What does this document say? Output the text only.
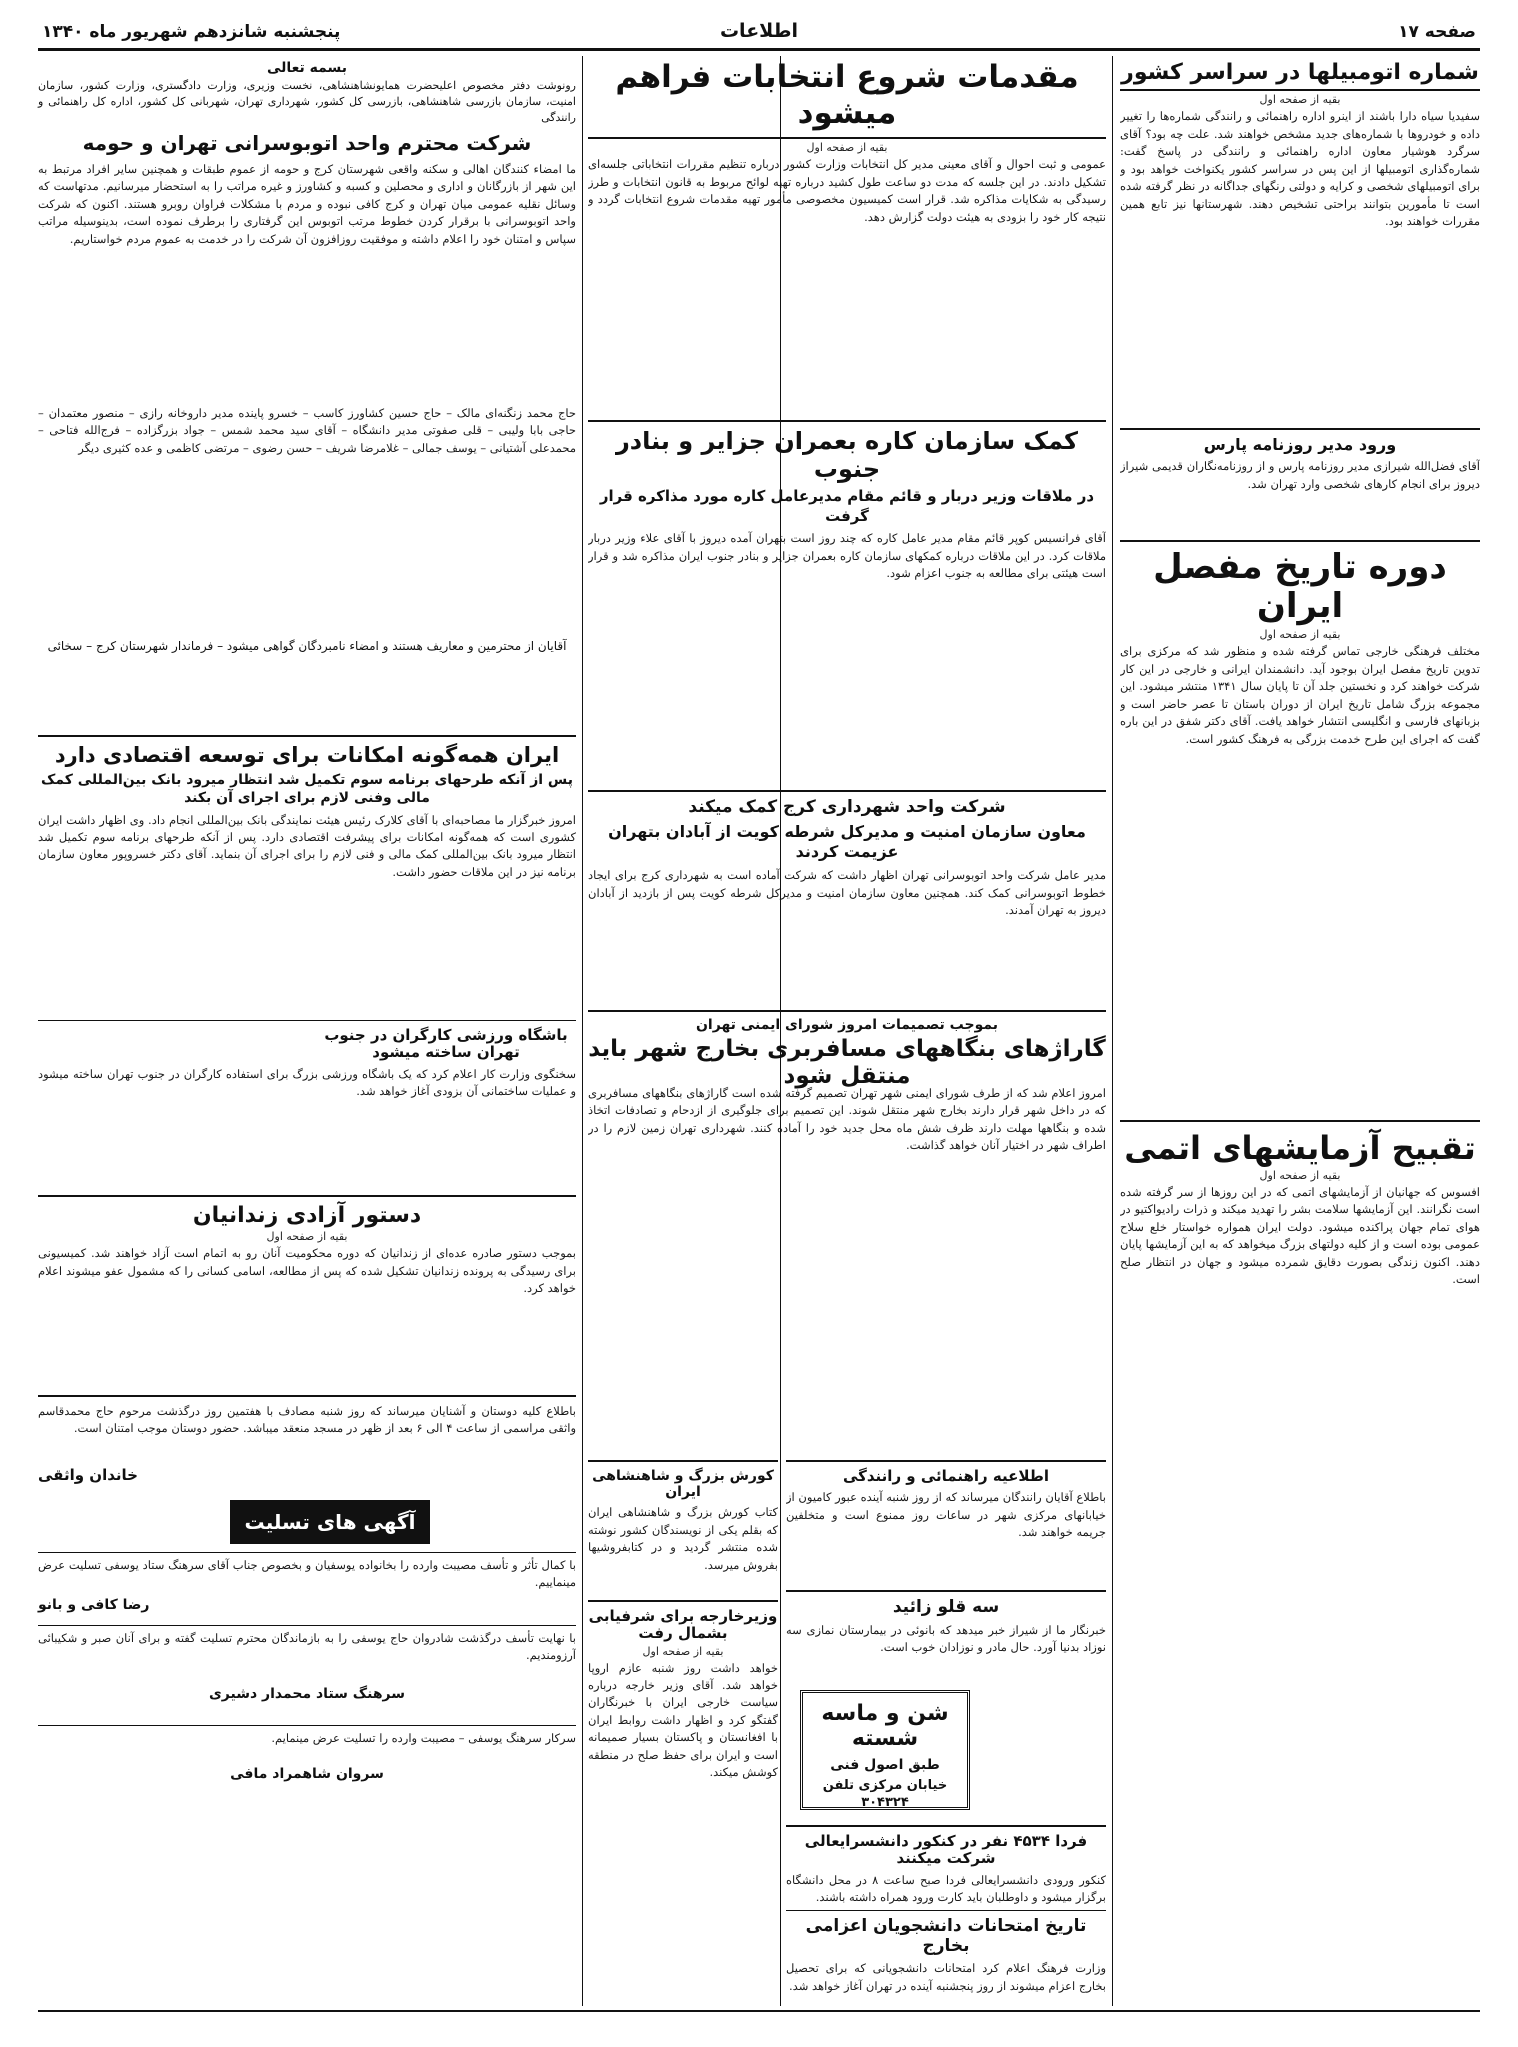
صفحه ۱۷
اطلاعات
پنجشنبه شانزدهم شهریور ماه ۱۳۴۰
شماره اتومبیلها در سراسر کشور
بقیه از صفحه اول
سفیدیا سیاه دارا باشند از اینرو اداره راهنمائی و رانندگی شماره‌ها را تغییر داده و خودروها با شماره‌های جدید مشخص خواهند شد. علت چه بود؟ آقای سرگرد هوشیار معاون اداره راهنمائی و رانندگی در پاسخ گفت: شماره‌گذاری اتومبیلها از این پس در سراسر کشور یکنواخت خواهد بود و برای اتومبیلهای شخصی و کرایه و دولتی رنگهای جداگانه در نظر گرفته شده است تا مأمورین بتوانند براحتی تشخیص دهند. شهرستانها نیز تابع همین مقررات خواهند بود.
ورود مدیر روزنامه پارس
آقای فضل‌الله شیرازی مدیر روزنامه پارس و از روزنامه‌نگاران قدیمی شیراز دیروز برای انجام کارهای شخصی وارد تهران شد.
دوره تاریخ مفصل ایران
بقیه از صفحه اول
مختلف فرهنگی خارجی تماس گرفته شده و منظور شد که مرکزی برای تدوین تاریخ مفصل ایران بوجود آید. دانشمندان ایرانی و خارجی در این کار شرکت خواهند کرد و نخستین جلد آن تا پایان سال ۱۳۴۱ منتشر میشود. این مجموعه بزرگ شامل تاریخ ایران از دوران باستان تا عصر حاضر است و بزبانهای فارسی و انگلیسی انتشار خواهد یافت. آقای دکتر شفق در این باره گفت که اجرای این طرح خدمت بزرگی به فرهنگ کشور است.
تقبیح آزمایشهای اتمی
بقیه از صفحه اول
افسوس که جهانیان از آزمایشهای اتمی که در این روزها از سر گرفته شده است نگرانند. این آزمایشها سلامت بشر را تهدید میکند و ذرات رادیواکتیو در هوای تمام جهان پراکنده میشود. دولت ایران همواره خواستار خلع سلاح عمومی بوده است و از کلیه دولتهای بزرگ میخواهد که به این آزمایشها پایان دهند. اکنون زندگی بصورت دقایق شمرده میشود و جهان در انتظار صلح است.
مقدمات شروع انتخابات فراهم میشود
بقیه از صفحه اول
عمومی و ثبت احوال و آقای معینی مدیر کل انتخابات وزارت کشور درباره تنظیم مقررات انتخاباتی جلسه‌ای تشکیل دادند. در این جلسه که مدت دو ساعت طول کشید درباره تهیه لوائح مربوط به قانون انتخابات و طرز رسیدگی به شکایات مذاکره شد. قرار است کمیسیون مخصوصی مأمور تهیه مقدمات شروع انتخابات گردد و نتیجه کار خود را بزودی به هیئت دولت گزارش دهد.
کمک سازمان کاره بعمران جزایر و بنادر جنوب
در ملاقات وزیر دربار و قائم مقام مدیرعامل کاره مورد مذاکره قرار گرفت
آقای فرانسیس کوپر قائم مقام مدیر عامل کاره که چند روز است بتهران آمده دیروز با آقای علاء وزیر دربار ملاقات کرد. در این ملاقات درباره کمکهای سازمان کاره بعمران جزایر و بنادر جنوب ایران مذاکره شد و قرار است هیئتی برای مطالعه به جنوب اعزام شود.
شرکت واحد شهرداری کرج کمک میکند
معاون سازمان امنیت و مدیرکل شرطه کویت از آبادان بتهران عزیمت کردند
مدیر عامل شرکت واحد اتوبوسرانی تهران اظهار داشت که شرکت آماده است به شهرداری کرج برای ایجاد خطوط اتوبوسرانی کمک کند. همچنین معاون سازمان امنیت و مدیرکل شرطه کویت پس از بازدید از آبادان دیروز به تهران آمدند.
بسمه تعالی
رونوشت دفتر مخصوص اعلیحضرت همایونشاهنشاهی، نخست وزیری، وزارت دادگستری، وزارت کشور، سازمان امنیت، سازمان بازرسی شاهنشاهی، بازرسی کل کشور، شهرداری تهران، شهربانی کل کشور، اداره کل راهنمائی و رانندگی
شرکت محترم واحد اتوبوسرانی تهران و حومه
ما امضاء کنندگان اهالی و سکنه واقعی شهرستان کرج و حومه از عموم طبقات و همچنین سایر افراد مرتبط به این شهر از بازرگانان و اداری و محصلین و کسبه و کشاورز و غیره مراتب را به استحضار میرسانیم. مدتهاست که وسائل نقلیه عمومی میان تهران و کرج کافی نبوده و مردم با مشکلات فراوان روبرو هستند. اکنون که شرکت واحد اتوبوسرانی با برقرار کردن خطوط مرتب اتوبوس این گرفتاری را برطرف نموده است، بدینوسیله مراتب سپاس و امتنان خود را اعلام داشته و موفقیت روزافزون آن شرکت را در خدمت به عموم مردم خواستاریم.
حاج محمد زنگنه‌ای مالک – حاج حسین کشاورز کاسب – خسرو پاینده مدیر داروخانه رازی – منصور معتمدان – حاجی بابا ولیبی – قلی صفوتی مدیر دانشگاه – آقای سید محمد شمس – جواد بزرگزاده – فرج‌الله فتاحی – محمدعلی آشتیانی – یوسف جمالی – غلامرضا شریف – حسن رضوی – مرتضی کاظمی و عده کثیری دیگر
آقایان از محترمین و معاریف هستند و امضاء نامبردگان گواهی میشود – فرماندار شهرستان کرج – سخائی
ایران همه‌گونه امکانات برای توسعه اقتصادی دارد
پس از آنکه طرحهای برنامه سوم تکمیل شد انتظار میرود بانک بین‌المللی کمک مالی وفنی لازم برای اجرای آن بکند
امروز خبرگزار ما مصاحبه‌ای با آقای کلارک رئیس هیئت نمایندگی بانک بین‌المللی انجام داد. وی اظهار داشت ایران کشوری است که همه‌گونه امکانات برای پیشرفت اقتصادی دارد. پس از آنکه طرحهای برنامه سوم تکمیل شد انتظار میرود بانک بین‌المللی کمک مالی و فنی لازم را برای اجرای آن بنماید. آقای دکتر خسروپور معاون سازمان برنامه نیز در این ملاقات حضور داشت.
باشگاه ورزشی کارگران در جنوب تهران ساخته میشود
سخنگوی وزارت کار اعلام کرد که یک باشگاه ورزشی بزرگ برای استفاده کارگران در جنوب تهران ساخته میشود و عملیات ساختمانی آن بزودی آغاز خواهد شد.
دستور آزادی زندانیان
بقیه از صفحه اول
بموجب دستور صادره عده‌ای از زندانیان که دوره محکومیت آنان رو به اتمام است آزاد خواهند شد. کمیسیونی برای رسیدگی به پرونده زندانیان تشکیل شده که پس از مطالعه، اسامی کسانی را که مشمول عفو میشوند اعلام خواهد کرد.
باطلاع کلیه دوستان و آشنایان میرساند که روز شنبه مصادف با هفتمین روز درگذشت مرحوم حاج محمدقاسم واثقی مراسمی از ساعت ۴ الی ۶ بعد از ظهر در مسجد منعقد میباشد. حضور دوستان موجب امتنان است.
خاندان واثقی
آگهی های تسلیت
با کمال تأثر و تأسف مصیبت وارده را بخانواده یوسفیان و بخصوص جناب آقای سرهنگ ستاد یوسفی تسلیت عرض مینماییم.
رضا کافی و بانو
با نهایت تأسف درگذشت شادروان حاج یوسفی را به بازماندگان محترم تسلیت گفته و برای آنان صبر و شکیبائی آرزومندیم.
سرهنگ ستاد محمدار دشیری
سرکار سرهنگ یوسفی – مصیبت وارده را تسلیت عرض مینمایم.
سروان شاهمراد مافی
بموجب تصمیمات امروز شورای ایمنی تهران
گاراژهای بنگاههای مسافربری بخارج شهر باید منتقل شود
امروز اعلام شد که از طرف شورای ایمنی شهر تهران تصمیم گرفته شده است گاراژهای بنگاههای مسافربری که در داخل شهر قرار دارند بخارج شهر منتقل شوند. این تصمیم برای جلوگیری از ازدحام و تصادفات اتخاذ شده و بنگاهها مهلت دارند ظرف شش ماه محل جدید خود را آماده کنند. شهرداری تهران زمین لازم را در اطراف شهر در اختیار آنان خواهد گذاشت.
اطلاعیه راهنمائی و رانندگی
باطلاع آقایان رانندگان میرساند که از روز شنبه آینده عبور کامیون از خیابانهای مرکزی شهر در ساعات روز ممنوع است و متخلفین جریمه خواهند شد.
سه قلو زائید
خبرنگار ما از شیراز خبر میدهد که بانوئی در بیمارستان نمازی سه نوزاد بدنیا آورد. حال مادر و نوزادان خوب است.
شن و ماسه شسته
طبق اصول فنی
خیابان مرکزی تلفن ۳۰۴۳۲۴
فردا ۴۵۳۴ نفر در کنکور دانشسرایعالی شرکت میکنند
کنکور ورودی دانشسرایعالی فردا صبح ساعت ۸ در محل دانشگاه برگزار میشود و داوطلبان باید کارت ورود همراه داشته باشند.
تاریخ امتحانات دانشجویان اعزامی بخارج
وزارت فرهنگ اعلام کرد امتحانات دانشجویانی که برای تحصیل بخارج اعزام میشوند از روز پنجشنبه آینده در تهران آغاز خواهد شد.
کورش بزرگ و شاهنشاهی ایران
کتاب کورش بزرگ و شاهنشاهی ایران که بقلم یکی از نویسندگان کشور نوشته شده منتشر گردید و در کتابفروشیها بفروش میرسد.
وزیرخارجه برای شرفیابی بشمال رفت
بقیه از صفحه اول
خواهد داشت روز شنبه عازم اروپا خواهد شد. آقای وزیر خارجه درباره سیاست خارجی ایران با خبرنگاران گفتگو کرد و اظهار داشت روابط ایران با افغانستان و پاکستان بسیار صمیمانه است و ایران برای حفظ صلح در منطقه کوشش میکند.
